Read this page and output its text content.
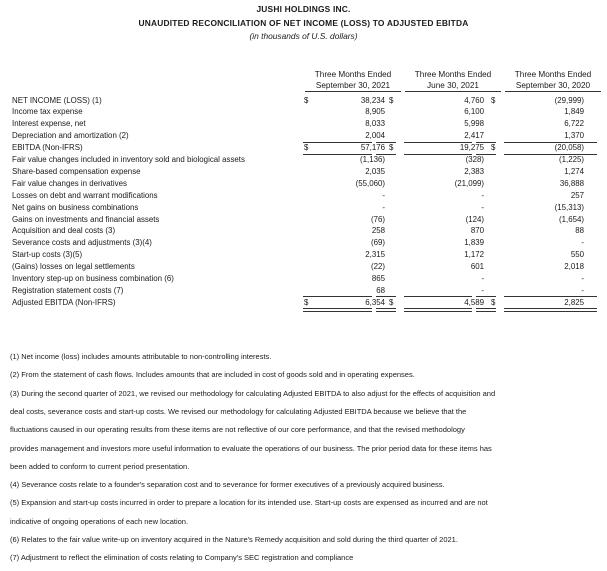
JUSHI HOLDINGS INC.
UNAUDITED RECONCILIATION OF NET INCOME (LOSS) TO ADJUSTED EBITDA
(in thousands of U.S. dollars)
Three Months Ended
September 30, 2021
Three Months Ended
June 30, 2021
Three Months Ended
September 30, 2020
NET INCOME (LOSS) (1)	38,234	4,760	(29,999)
$	$	$
Income tax expense	8,905	6,100	1,849
Interest expense, net	8,033	5,998	6,722
Depreciation and amortization (2)	2,004	2,417	1,370
EBITDA (Non-IFRS)	57,176	19,275	(20,058)
$	$	$
Fair value changes included in inventory sold and biological assets	(1,136)	(328)	(1,225)
Share-based compensation expense	2,035	2,383	1,274
Fair value changes in derivatives	(55,060)	(21,099)	36,888
Losses on debt and warrant modifications	-	-	257
Net gains on business combinations	-	-	(15,313)
Gains on investments and financial assets	(76)	(124)	(1,654)
Acquisition and deal costs (3)	258	870	88
Severance costs and adjustments (3)(4)	(69)	1,839	-
Start-up costs (3)(5)	2,315	1,172	550
(Gains) losses on legal settlements	(22)	601	2,018
Inventory step-up on business combination (6)	865	-	-
Registration statement costs (7)	68	-	-
Adjusted EBITDA (Non-IFRS)	6,354	4,589	2,825
$	$	$
(1) Net income (loss) includes amounts attributable to non-controlling interests.
(2) From the statement of cash flows. Includes amounts that are included in cost of goods sold and in operating expenses.
(3) During the second quarter of 2021, we revised our methodology for calculating Adjusted EBITDA to also adjust for the effects of acquisition and
deal costs, severance costs and start-up costs. We revised our methodology for calculating Adjusted EBITDA because we believe that the
fluctuations caused in our operating results from these items are not reflective of our core performance, and that the revised methodology
provides management and investors more useful information to evaluate the operations of our business. The prior period data for these items has
been added to conform to current period presentation.
(4) Severance costs relate to a founder's separation cost and to severance for former executives of a previously acquired business.
(5) Expansion and start-up costs incurred in order to prepare a location for its intended use. Start-up costs are expensed as incurred and are not
indicative of ongoing operations of each new location.
(6) Relates to the fair value write-up on inventory acquired in the Nature's Remedy acquisition and sold during the third quarter of 2021.
(7) Adjustment to reflect the elimination of costs relating to Company's SEC registration and compliance
